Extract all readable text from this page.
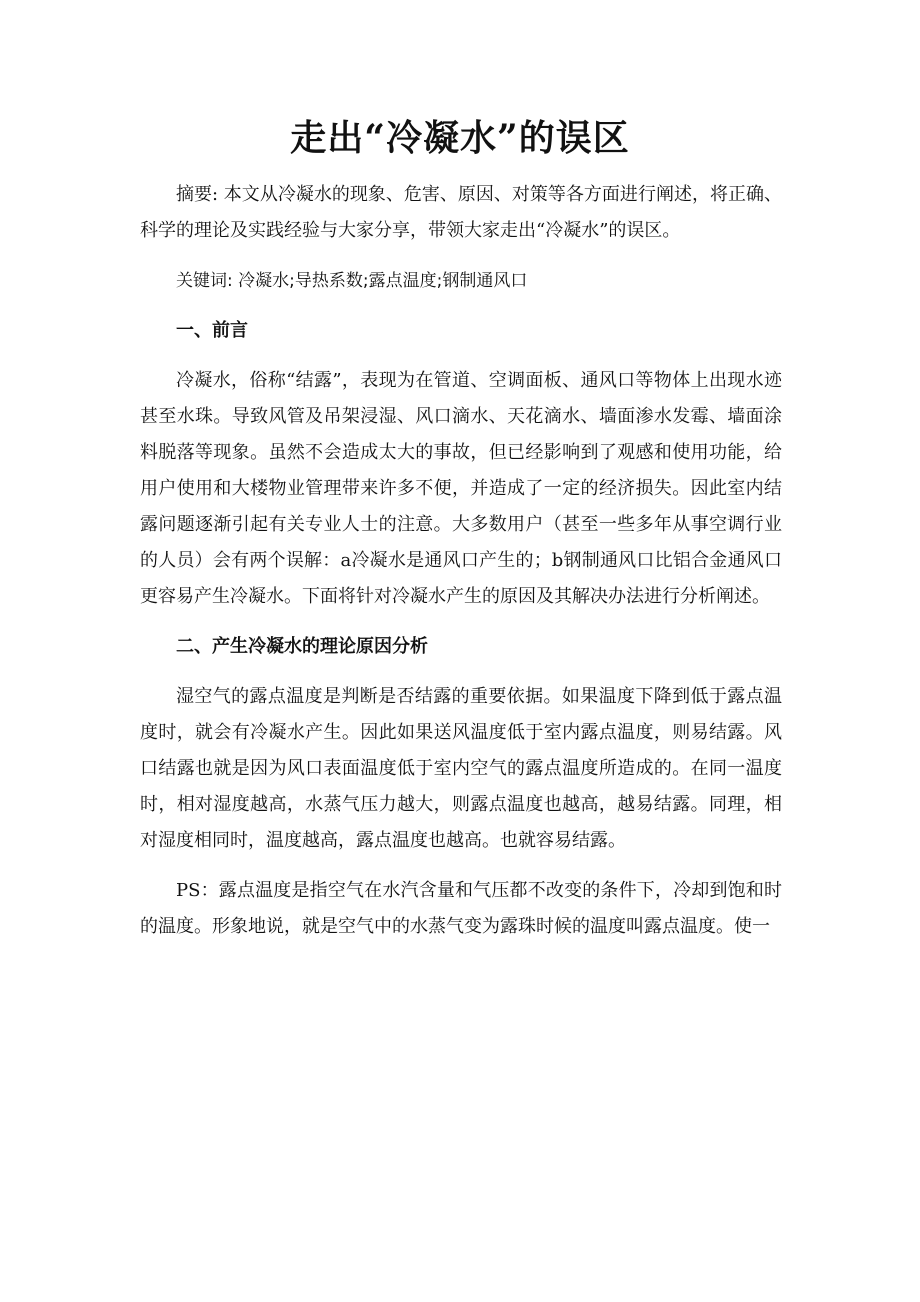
走出“冷凝水”的误区

摘要: 本文从冷凝水的现象、危害、原因、对策等各方面进行阐述，将正确、科学的理论及实践经验与大家分享，带领大家走出“冷凝水”的误区。

关键词: 冷凝水;导热系数;露点温度;钢制通风口

一、前言

冷凝水，俗称“结露”，表现为在管道、空调面板、通风口等物体上出现水迹甚至水珠。导致风管及吊架浸湿、风口滴水、天花滴水、墙面渗水发霉、墙面涂料脱落等现象。虽然不会造成太大的事故，但已经影响到了观感和使用功能，给用户使用和大楼物业管理带来许多不便，并造成了一定的经济损失。因此室内结露问题逐渐引起有关专业人士的注意。大多数用户（甚至一些多年从事空调行业的人员）会有两个误解：a冷凝水是通风口产生的；b钢制通风口比铝合金通风口更容易产生冷凝水。下面将针对冷凝水产生的原因及其解决办法进行分析阐述。

二、产生冷凝水的理论原因分析

湿空气的露点温度是判断是否结露的重要依据。如果温度下降到低于露点温度时，就会有冷凝水产生。因此如果送风温度低于室内露点温度，则易结露。风口结露也就是因为风口表面温度低于室内空气的露点温度所造成的。在同一温度时，相对湿度越高，水蒸气压力越大，则露点温度也越高，越易结露。同理，相对湿度相同时，温度越高，露点温度也越高。也就容易结露。

PS：露点温度是指空气在水汽含量和气压都不改变的条件下，冷却到饱和时的温度。形象地说，就是空气中的水蒸气变为露珠时候的温度叫露点温度。使一
